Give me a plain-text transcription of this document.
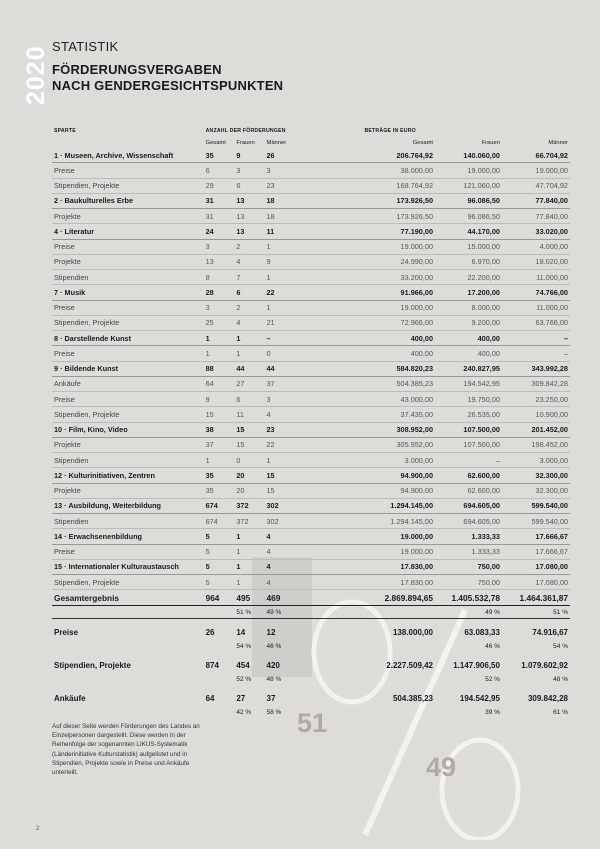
2020 STATISTIK
FÖRDERUNGSVERGABEN
NACH GENDERGESICHTSPUNKTEN
51
49
SPARTE	ANZAHL DER FÖRDERUNGEN			BETRÄGE IN EURO		
	Gesamt	Frauen	Männer	Gesamt	Frauen	Männer
1 · Museen, Archive, Wissenschaft	35	9	26	206.764,92	140.060,00	66.704,92
Preise	6	3	3	38.000,00	19.000,00	19.000,00
Stipendien, Projekte	29	6	23	168.764,92	121.060,00	47.704,92
2 · Baukulturelles Erbe	31	13	18	173.926,50	96.086,50	77.840,00
Projekte	31	13	18	173.926,50	96.086,50	77.840,00
4 · Literatur	24	13	11	77.190,00	44.170,00	33.020,00
Preise	3	2	1	19.000,00	15.000,00	4.000,00
Projekte	13	4	9	24.990,00	6.970,00	18.020,00
Stipendien	8	7	1	33.200,00	22.200,00	11.000,00
7 · Musik	28	6	22	91.966,00	17.200,00	74.766,00
Preise	3	2	1	19.000,00	8.000,00	11.000,00
Stipendien, Projekte	25	4	21	72.966,00	9.200,00	63.766,00
8 · Darstellende Kunst	1	1	–	400,00	400,00	–
Preise	1	1	0	400,00	400,00	–
9 · Bildende Kunst	88	44	44	584.820,23	240.827,95	343.992,28
Ankäufe	64	27	37	504.385,23	194.542,95	309.842,28
Preise	9	6	3	43.000,00	19.750,00	23.250,00
Stipendien, Projekte	15	11	4	37.435,00	26.535,00	10.900,00
10 · Film, Kino, Video	38	15	23	308.952,00	107.500,00	201.452,00
Projekte	37	15	22	305.952,00	107.500,00	198.452,00
Stipendien	1	0	1	3.000,00	–	3.000,00
12 · Kulturinitiativen, Zentren	35	20	15	94.900,00	62.600,00	32.300,00
Projekte	35	20	15	94.900,00	62.600,00	32.300,00
13 · Ausbildung, Weiterbildung	674	372	302	1.294.145,00	694.605,00	599.540,00
Stipendien	674	372	302	1.294.145,00	694.605,00	599.540,00
14 · Erwachsenenbildung	5	1	4	19.000,00	1.333,33	17.666,67
Preise	5	1	4	19.000,00	1.333,33	17.666,67
15 · Internationaler Kulturaustausch	5	1	4	17.830,00	750,00	17.080,00
Stipendien, Projekte	5	1	4	17.830,00	750,00	17.080,00
Gesamtergebnis	964	495	469	2.869.894,65	1.405.532,78	1.464.361,87
		51 %	49 %		49 %	51 %

Preise	26	14	12	138.000,00	63.083,33	74.916,67
		54 %	46 %		46 %	54 %

Stipendien, Projekte	874	454	420	2.227.509,42	1.147.906,50	1.079.602,92
		52 %	48 %		52 %	48 %

Ankäufe	64	27	37	504.385,23	194.542,95	309.842,28
		42 %	58 %		39 %	61 %
Auf dieser Seite werden Förderungen des Landes an Einzelpersonen dargestellt. Diese werden in der Reihenfolge der sogenannten LIKUS-Systematik (Länderinitiative Kulturstatistik) aufgelistet und in Stipendien, Projekte sowie in Preise und Ankäufe unterteilt.
2
